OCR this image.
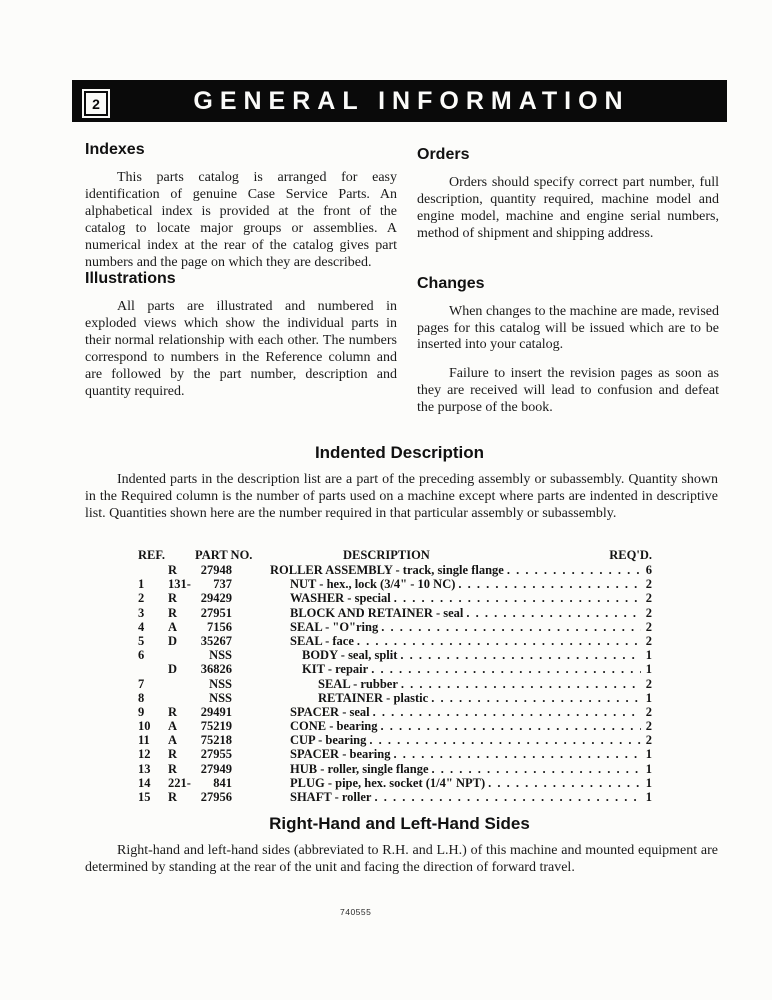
2	GENERAL INFORMATION
Indexes

This parts catalog is arranged for easy identification of genuine Case Service Parts. An alphabetical index is provided at the front of the catalog to locate major groups or assemblies. A numerical index at the rear of the catalog gives part numbers and the page on which they are described.

Illustrations

All parts are illustrated and numbered in exploded views which show the individual parts in their normal relationship with each other. The numbers correspond to numbers in the Reference column and are followed by the part number, description and quantity required.

Orders

Orders should specify correct part number, full description, quantity required, machine model and engine model, machine and engine serial numbers, method of shipment and shipping address.

Changes

When changes to the machine are made, revised pages for this catalog will be issued which are to be inserted into your catalog.

Failure to insert the revision pages as soon as they are received will lead to confusion and defeat the purpose of the book.

Indented Description

Indented parts in the description list are a part of the preceding assembly or subassembly. Quantity shown in the Required column is the number of parts used on a machine except where parts are indented in descriptive list. Quantities shown here are the number required in that particular assembly or subassembly.

REF. PART NO.	DESCRIPTION	REQ'D.
R	27948	ROLLER ASSEMBLY - track, single flange . . .	6
1	131-	737	NUT - hex., lock (3/4" - 10 NC) . . .	2
2	R	29429	WASHER - special . . .	2
3	R	27951	BLOCK AND RETAINER - seal . . .	2
4	A	7156	SEAL - "O"ring . . .	2
5	D	35267	SEAL - face . . .	2
6	NSS	BODY - seal, split . . .	1
D	36826	KIT - repair . . .	1
7	NSS	SEAL - rubber . . .	2
8	NSS	RETAINER - plastic . . .	1
9	R	29491	SPACER - seal . . .	2
10	A	75219	CONE - bearing . . .	2
11	A	75218	CUP - bearing . . .	2
12	R	27955	SPACER - bearing . . .	1
13	R	27949	HUB - roller, single flange . . .	1
14	221-	841	PLUG - pipe, hex. socket (1/4" NPT) . . .	1
15	R	27956	SHAFT - roller . . .	1
Right-Hand and Left-Hand Sides

Right-hand and left-hand sides (abbreviated to R.H. and L.H.) of this machine and mounted equipment are determined by standing at the rear of the unit and facing the direction of forward travel.

740555
